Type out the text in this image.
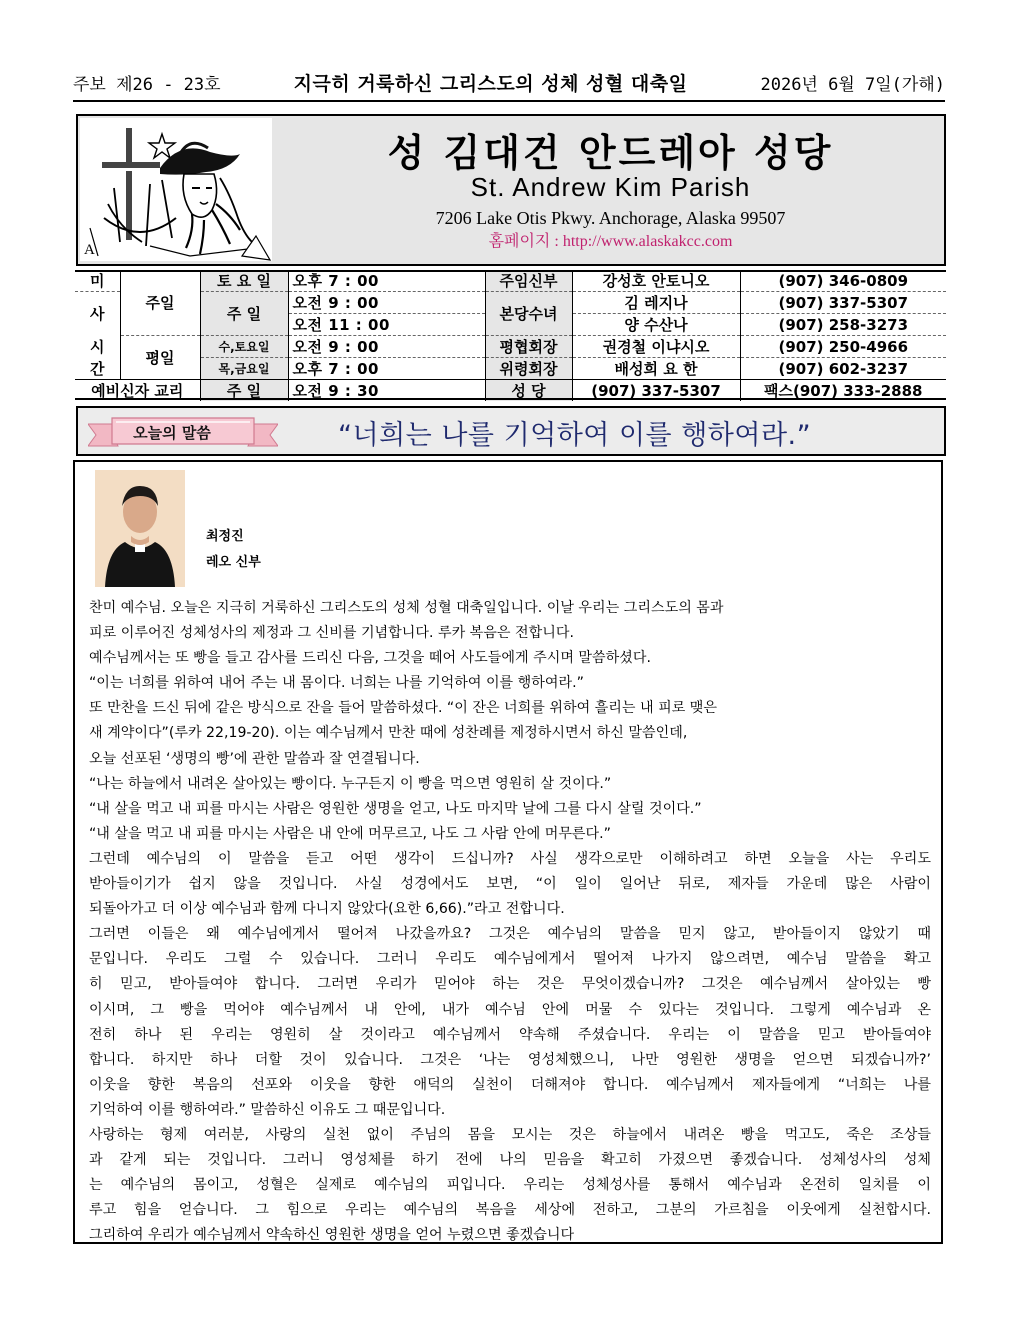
주보 제26 - 23호	지극히 거룩하신 그리스도의 성체 성혈 대축일	2026년 6월 7일(가해)
A
성 김대건 안드레아 성당
St. Andrew Kim Parish
7206 Lake Otis Pkwy. Anchorage, Alaska 99507
홈페이지 : http://www.alaskakcc.com
미	주일	토 요 일	오후 7 : 00	주임신부	강성호 안토니오	(907) 346-0809
사		주 일	오전 9 : 00	본당수녀	김 레지나	(907) 337-5307
			오전 11 : 00		양 수산나	(907) 258-3273
시	평일	수,토요일	오전 9 : 00	평협회장	권경철 이냐시오	(907) 250-4966
간		목,금요일	오후 7 : 00	위령회장	배성희 요 한	(907) 602-3237
예비신자 교리		주 일	오전 9 : 30	성 당	(907) 337-5307	팩스(907) 333-2888
오늘의 말씀	“너희는 나를 기억하여 이를 행하여라.”
최정진
레오 신부

찬미 예수님. 오늘은 지극히 거룩하신 그리스도의 성체 성혈 대축일입니다. 이날 우리는 그리스도의 몸과

피로 이루어진 성체성사의 제정과 그 신비를 기념합니다. 루카 복음은 전합니다.

예수님께서는 또 빵을 들고 감사를 드리신 다음, 그것을 떼어 사도들에게 주시며 말씀하셨다.

“이는 너희를 위하여 내어 주는 내 몸이다. 너희는 나를 기억하여 이를 행하여라.”

또 만찬을 드신 뒤에 같은 방식으로 잔을 들어 말씀하셨다. “이 잔은 너희를 위하여 흘리는 내 피로 맺은

새 계약이다”(루카 22,19-20). 이는 예수님께서 만찬 때에 성찬례를 제정하시면서 하신 말씀인데,

오늘 선포된 ‘생명의 빵’에 관한 말씀과 잘 연결됩니다.

“나는 하늘에서 내려온 살아있는 빵이다. 누구든지 이 빵을 먹으면 영원히 살 것이다.”

“내 살을 먹고 내 피를 마시는 사람은 영원한 생명을 얻고, 나도 마지막 날에 그를 다시 살릴 것이다.”

“내 살을 먹고 내 피를 마시는 사람은 내 안에 머무르고, 나도 그 사람 안에 머무른다.”

그런데 예수님의 이 말씀을 듣고 어떤 생각이 드십니까? 사실 생각으로만 이해하려고 하면 오늘을 사는 우리도

받아들이기가 쉽지 않을 것입니다. 사실 성경에서도 보면, “이 일이 일어난 뒤로, 제자들 가운데 많은 사람이

되돌아가고 더 이상 예수님과 함께 다니지 않았다(요한 6,66).”라고 전합니다.

그러면 이들은 왜 예수님에게서 떨어져 나갔을까요? 그것은 예수님의 말씀을 믿지 않고, 받아들이지 않았기 때

문입니다. 우리도 그럴 수 있습니다. 그러니 우리도 예수님에게서 떨어져 나가지 않으려면, 예수님 말씀을 확고

히 믿고, 받아들여야 합니다. 그러면 우리가 믿어야 하는 것은 무엇이겠습니까? 그것은 예수님께서 살아있는 빵

이시며, 그 빵을 먹어야 예수님께서 내 안에, 내가 예수님 안에 머물 수 있다는 것입니다. 그렇게 예수님과 온

전히 하나 된 우리는 영원히 살 것이라고 예수님께서 약속해 주셨습니다. 우리는 이 말씀을 믿고 받아들여야

합니다. 하지만 하나 더할 것이 있습니다. 그것은 ‘나는 영성체했으니, 나만 영원한 생명을 얻으면 되겠습니까?’

이웃을 향한 복음의 선포와 이웃을 향한 애덕의 실천이 더해져야 합니다. 예수님께서 제자들에게 “너희는 나를

기억하여 이를 행하여라.” 말씀하신 이유도 그 때문입니다.

사랑하는 형제 여러분, 사랑의 실천 없이 주님의 몸을 모시는 것은 하늘에서 내려온 빵을 먹고도, 죽은 조상들

과 같게 되는 것입니다. 그러니 영성체를 하기 전에 나의 믿음을 확고히 가졌으면 좋겠습니다. 성체성사의 성체

는 예수님의 몸이고, 성혈은 실제로 예수님의 피입니다. 우리는 성체성사를 통해서 예수님과 온전히 일치를 이

루고 힘을 얻습니다. 그 힘으로 우리는 예수님의 복음을 세상에 전하고, 그분의 가르침을 이웃에게 실천합시다.

그리하여 우리가 예수님께서 약속하신 영원한 생명을 얻어 누렸으면 좋겠습니다
